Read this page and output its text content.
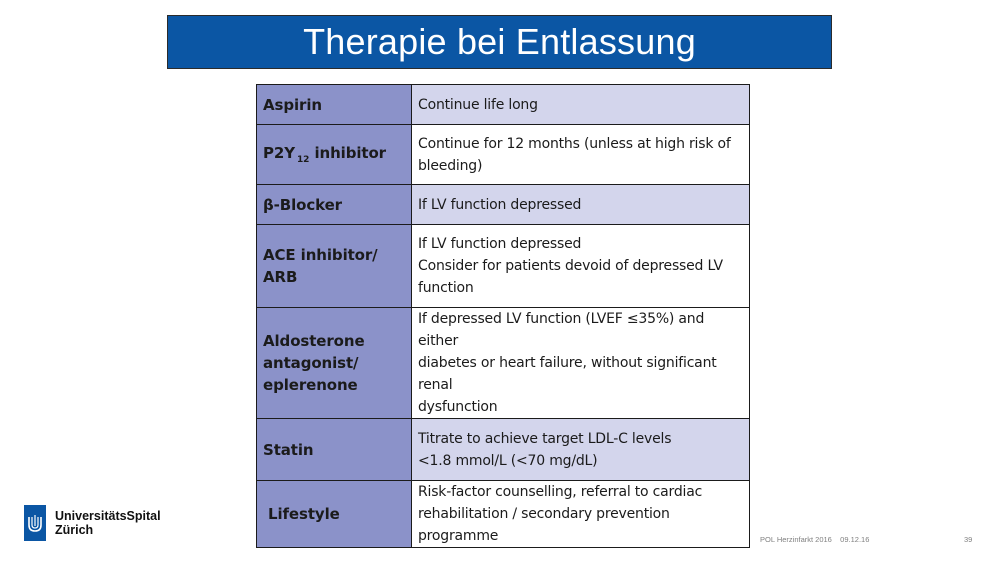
Therapie bei Entlassung
Aspirin	Continue life long

P2Y $_{12}$ inhibitor	Continue for 12 months (unless at high risk of
bleeding)

β-Blocker	If LV function depressed

ACE inhibitor/
ARB	If LV function depressed
Consider for patients devoid of depressed LV
function

Aldosterone
antagonist/
eplerenone	If depressed LV function (LVEF ≤35%) and either
diabetes or heart failure, without significant renal
dysfunction

Statin	Titrate to achieve target LDL-C levels
<1.8 mmol/L (<70 mg/dL)

Lifestyle	Risk-factor counselling, referral to cardiac
rehabilitation / secondary prevention programme
UniversitätsSpital
Zürich
POL Herzinfarkt 2016    09.12.16	39
